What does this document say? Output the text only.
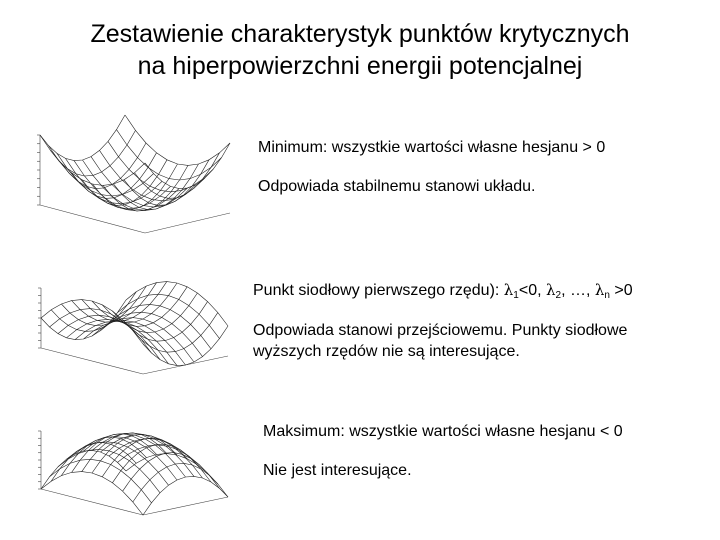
Zestawienie charakterystyk punktów krytycznych
na hiperpowierzchni energii potencjalnej

Minimum: wszystkie wartości własne hesjanu > 0

Odpowiada stabilnemu stanowi układu.

Punkt siodłowy pierwszego rzędu): $\lambda_1<0$, $\lambda_2$, …, $\lambda_n >0$

Odpowiada stanowi przejściowemu. Punkty siodłowe wyższych rzędów nie są interesujące.

Maksimum: wszystkie wartości własne hesjanu < 0

Nie jest interesujące.
